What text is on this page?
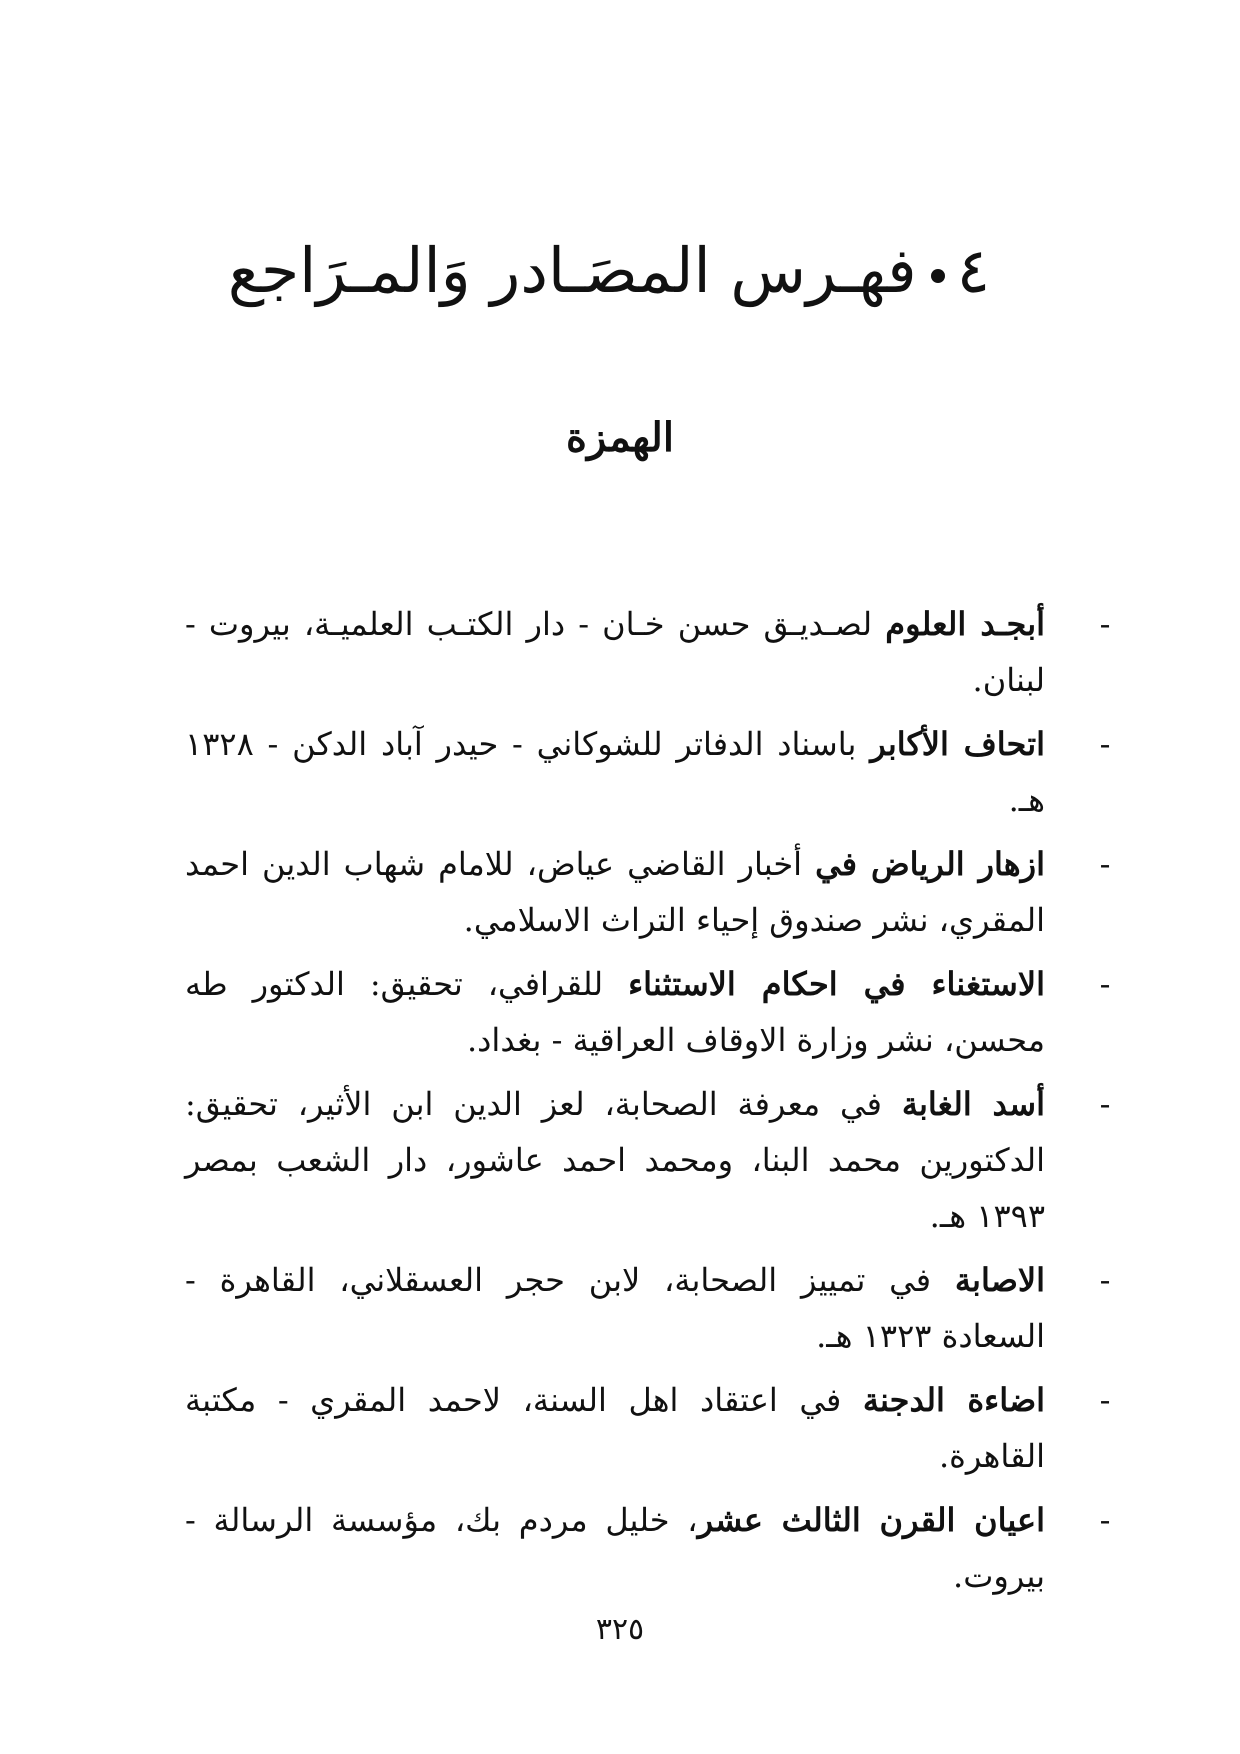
٤فهـرس المصَـادر وَالمـرَاجع
الهمزة
-
أبجـد العلوم لصـديـق حسن خـان - دار الكتـب العلميـة، بيروت - لبنان.
-
اتحاف الأكابر باسناد الدفاتر للشوكاني - حيدر آباد الدكن - ١٣٢٨ هـ.
-
ازهار الرياض في أخبار القاضي عياض، للامام شهاب الدين احمد المقري، نشر صندوق إحياء التراث الاسلامي.
-
الاستغناء في احكام الاستثناء للقرافي، تحقيق: الدكتور طه محسن، نشر وزارة الاوقاف العراقية - بغداد.
-
أسد الغابة في معرفة الصحابة، لعز الدين ابن الأثير، تحقيق: الدكتورين محمد البنا، ومحمد احمد عاشور، دار الشعب بمصر ١٣٩٣ هـ.
-
الاصابة في تمييز الصحابة، لابن حجر العسقلاني، القاهرة - السعادة ١٣٢٣ هـ.
-
اضاءة الدجنة في اعتقاد اهل السنة، لاحمد المقري - مكتبة القاهرة.
-
اعيان القرن الثالث عشر، خليل مردم بك، مؤسسة الرسالة - بيروت.
٣٢٥
